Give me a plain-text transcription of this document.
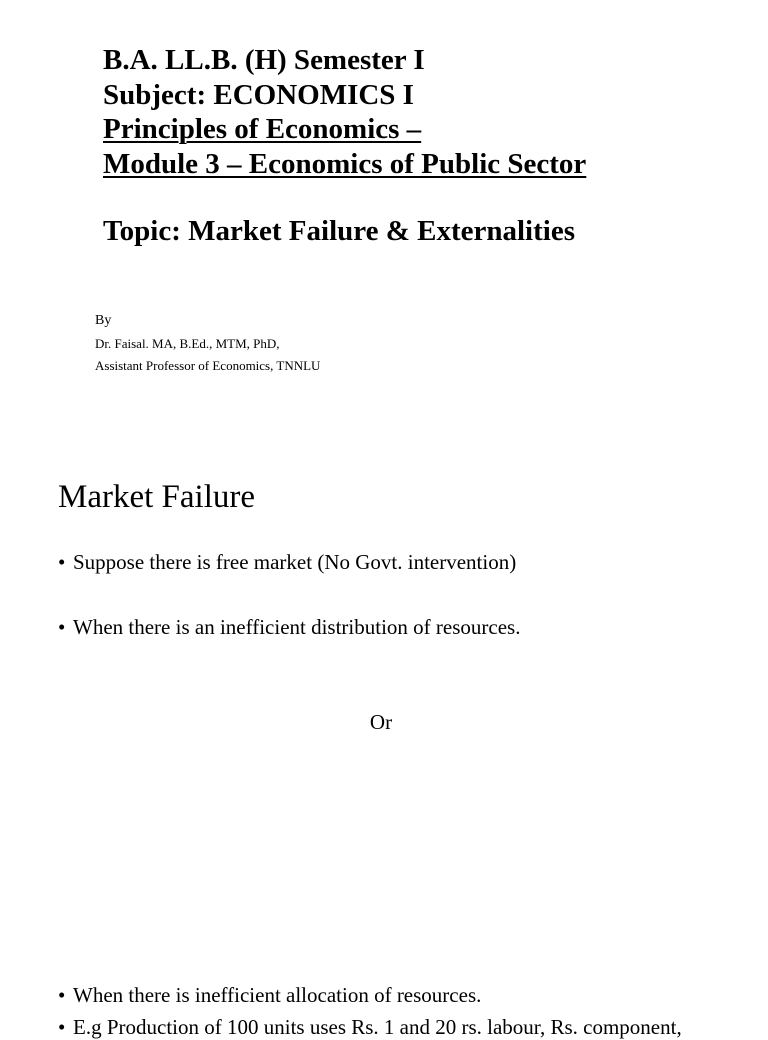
B.A. LL.B. (H) Semester I
Subject: ECONOMICS I
Principles of Economics –
Module 3 – Economics of Public Sector
Topic: Market Failure & Externalities
By
Dr. Faisal. MA, B.Ed., MTM, PhD,
Assistant Professor of Economics, TNNLU
Market Failure
• Suppose there is free market (No Govt. intervention)
• When there is an inefficient distribution of resources.
Or
• When there is inefficient allocation of resources.
• E.g Production of 100 units uses Rs. 1 and 20 rs. labour, Rs. component,
